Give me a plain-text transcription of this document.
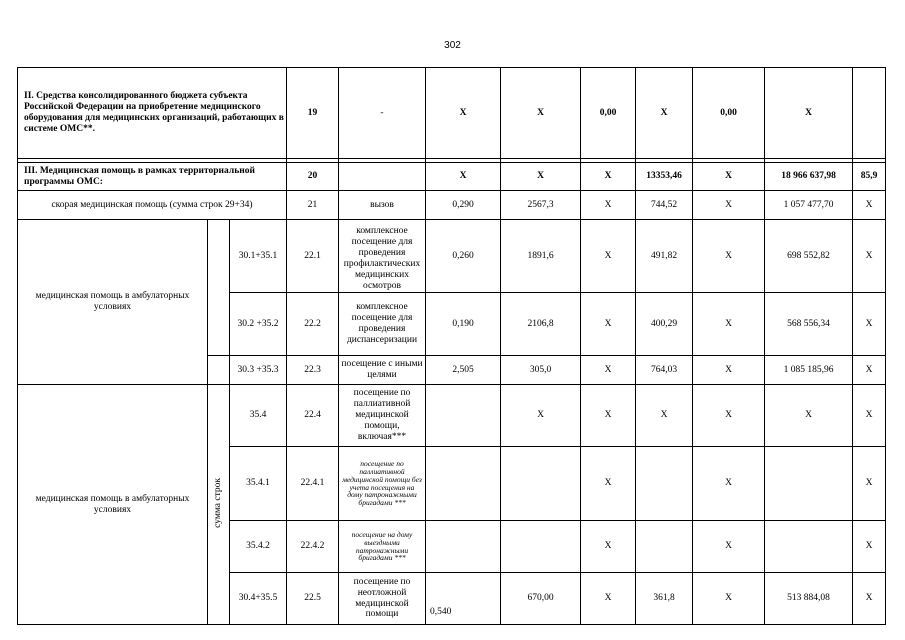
302
II. Средства консолидированного бюджета субъекта Российской Федерации на приобретение медицинского оборудования для медицинских организаций, работающих в системе ОМС**.			19	-	X	X	0,00	X	0,00	X	

III. Медицинская помощь в рамках территориальной программы ОМС:			20		X	X	X	13353,46	X	18 966 637,98	85,9
скорая медицинская помощь (сумма строк 29+34)			21	вызов	0,290	2567,3	X	744,52	X	1 057 477,70	X
медицинская помощь в амбулаторных условиях		30.1+35.1	22.1	комплексное посещение для проведения профилактических медицинских осмотров	0,260	1891,6	X	491,82	X	698 552,82	X
		30.2 +35.2	22.2	комплексное посещение для проведения диспансеризации	0,190	2106,8	X	400,29	X	568 556,34	X
		30.3 +35.3	22.3	посещение с иными целями	2,505	305,0	X	764,03	X	1 085 185,96	X
медицинская помощь в амбулаторных условиях	сумма строк	35.4	22.4	посещение по паллиативной медицинской помощи, включая***		X	X	X	X	X	X
		35.4.1	22.4.1	посещение по паллиативной медицинской помощи без учета посещения на дому патронажными бригадами ***			X		X		X
		35.4.2	22.4.2	посещение на дому выездными патронажными бригадами ***			X		X		X
		30.4+35.5	22.5	посещение по неотложной медицинской помощи	0,540	670,00	X	361,8	X	513 884,08	X
